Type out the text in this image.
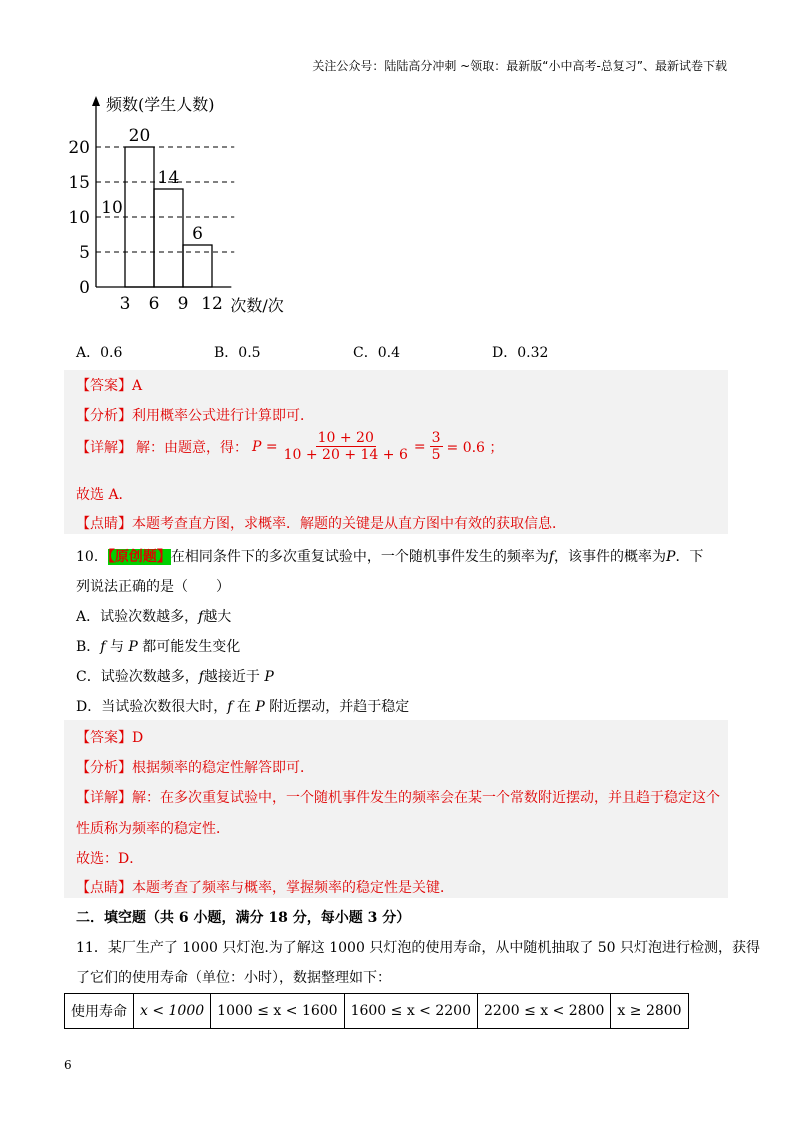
关注公众号：陆陆高分冲刺 ~领取：最新版“小中高考-总复习”、最新试卷下载
20
14
6
10
0
5
10
15
20
3 6 9 12
频数(学生人数)
次数/次
A．0.6	B．0.5	C．0.4	D．0.32
【答案】A
【分析】利用概率公式进行计算即可．
【详解】 解：由题意，得： $P = \frac{10 + 20}{10 + 20 + 14 + 6} = \frac{3}{5} = 0.6$ ；
故选 A．
【点睛】本题考查直方图，求概率．解题的关键是从直方图中有效的获取信息．
10．【原创题】在相同条件下的多次重复试验中，一个随机事件发生的频率为f，该事件的概率为P．下
列说法正确的是（　　）
A．试验次数越多，f越大
B．f 与 P 都可能发生变化
C．试验次数越多，f越接近于 P
D．当试验次数很大时，f 在 P 附近摆动，并趋于稳定
【答案】D
【分析】根据频率的稳定性解答即可．
【详解】解：在多次重复试验中，一个随机事件发生的频率会在某一个常数附近摆动，并且趋于稳定这个
性质称为频率的稳定性．
故选：D．
【点睛】本题考查了频率与概率，掌握频率的稳定性是关键．
二．填空题（共 6 小题，满分 18 分，每小题 3 分）
11．某厂生产了 1000 只灯泡.为了解这 1000 只灯泡的使用寿命，从中随机抽取了 50 只灯泡进行检测，获得
了它们的使用寿命（单位：小时），数据整理如下：
使用寿命	x < 1000	1000 ≤ x < 1600	1600 ≤ x < 2200	2200 ≤ x < 2800	x ≥ 2800
6
